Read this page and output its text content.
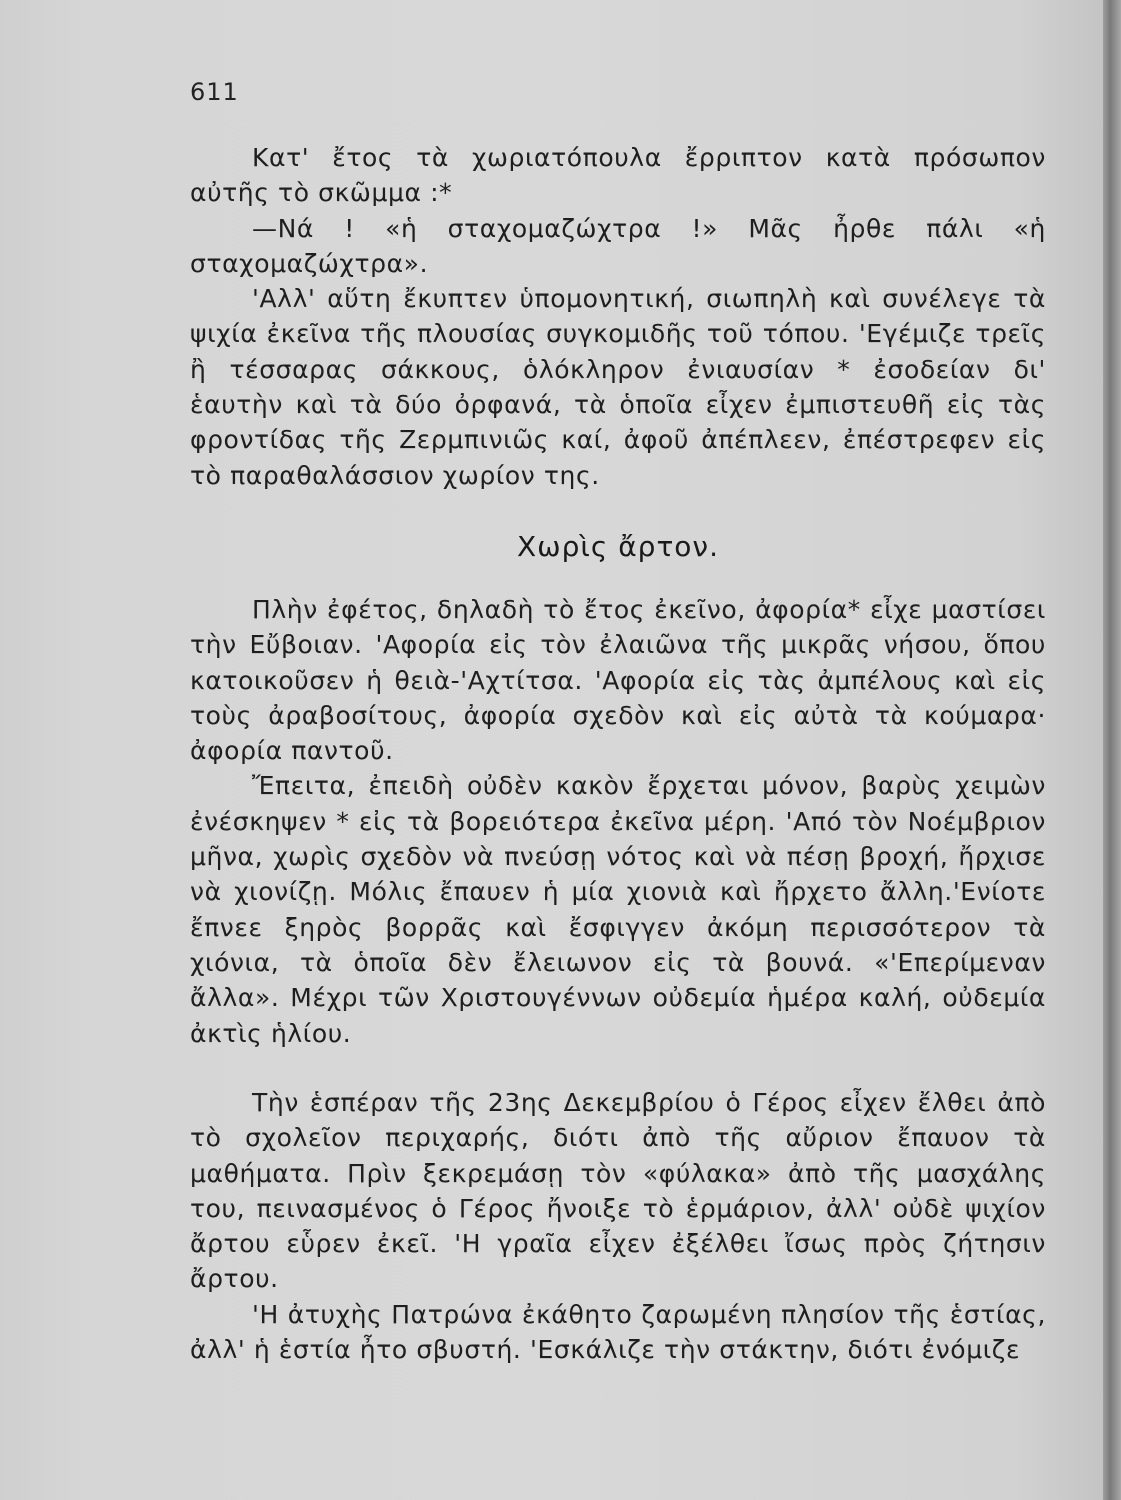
611

Κατ' ἔτος τὰ χωριατόπουλα ἔρριπτον κατὰ πρόσωπον αὐτῆς τὸ σκῶμμα :*

—Νά ! «ἡ σταχομαζώχτρα !» Μᾶς ἦρθε πάλι «ἡ σταχομαζώχτρα».

'Αλλ' αὕτη ἔκυπτεν ὑπομονητική, σιωπηλὴ καὶ συνέλεγε τὰ ψιχία ἐκεῖνα τῆς πλουσίας συγκομιδῆς τοῦ τόπου. 'Εγέμιζε τρεῖς ἢ τέσσαρας σάκκους, ὁλόκληρον ἐνιαυσίαν * ἐσοδείαν δι' ἑαυτὴν καὶ τὰ δύο ὀρφανά, τὰ ὁποῖα εἶχεν ἐμπιστευθῆ εἰς τὰς φροντίδας τῆς Ζερμπινιῶς καί, ἀφοῦ ἀπέπλεεν, ἐπέστρεφεν εἰς τὸ παραθαλάσσιον χωρίον της.

Χωρὶς ἄρτον.

Πλὴν ἐφέτος, δηλαδὴ τὸ ἔτος ἐκεῖνο, ἀφορία* εἶχε μαστίσει τὴν Εὔβοιαν. 'Αφορία εἰς τὸν ἐλαιῶνα τῆς μικρᾶς νήσου, ὅπου κατοικοῦσεν ἡ θειὰ-'Αχτίτσα. 'Αφορία εἰς τὰς ἀμπέλους καὶ εἰς τοὺς ἀραβοσίτους, ἀφορία σχεδὸν καὶ εἰς αὐτὰ τὰ κούμαρα· ἀφορία παντοῦ.

Ἔπειτα, ἐπειδὴ οὐδὲν κακὸν ἔρχεται μόνον, βαρὺς χειμὼν ἐνέσκηψεν * εἰς τὰ βορειότερα ἐκεῖνα μέρη. 'Από τὸν Νοέμβριον μῆνα, χωρὶς σχεδὸν νὰ πνεύσῃ νότος καὶ νὰ πέσῃ βροχή, ἤρχισε νὰ χιονίζῃ. Μόλις ἔπαυεν ἡ μία χιονιὰ καὶ ἤρχετο ἄλλη.'Ενίοτε ἔπνεε ξηρὸς βορρᾶς καὶ ἔσφιγγεν ἀκόμη περισσότερον τὰ χιόνια, τὰ ὁποῖα δὲν ἔλειωνον εἰς τὰ βουνά. «'Επερίμεναν ἄλλα». Μέχρι τῶν Χριστουγέννων οὐδεμία ἡμέρα καλή, οὐδεμία ἀκτὶς ἡλίου.

Τὴν ἑσπέραν τῆς 23ης Δεκεμβρίου ὁ Γέρος εἶχεν ἔλθει ἀπὸ τὸ σχολεῖον περιχαρής, διότι ἀπὸ τῆς αὔριον ἔπαυον τὰ μαθήματα. Πρὶν ξεκρεμάσῃ τὸν «φύλακα» ἀπὸ τῆς μασχάλης του, πεινασμένος ὁ Γέρος ἤνοιξε τὸ ἑρμάριον, ἀλλ' οὐδὲ ψιχίον ἄρτου εὗρεν ἐκεῖ. 'Η γραῖα εἶχεν ἐξέλθει ἴσως πρὸς ζήτησιν ἄρτου.

'Η ἀτυχὴς Πατρώνα ἐκάθητο ζαρωμένη πλησίον τῆς ἑστίας, ἀλλ' ἡ ἑστία ἦτο σβυστή. 'Εσκάλιζε τὴν στάκτην, διότι ἐνόμιζε
